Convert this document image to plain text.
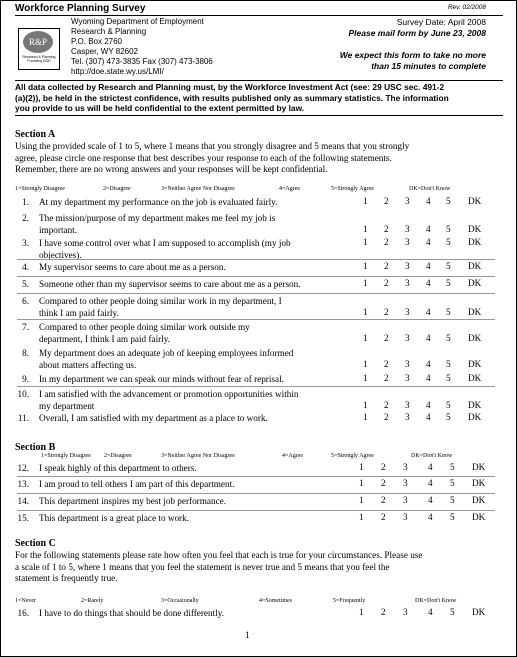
Workforce Planning Survey	Rev. 02/2008
R&P
Research & Planning Providing DOE
Wyoming Department of Employment
Research & Planning
P.O. Box 2760
Casper, WY 82602
Tel. (307) 473-3835 Fax (307) 473-3806
http://doe.state.wy.us/LMI/
Survey Date: April 2008
Please mail form by June 23, 2008
We expect this form to take no more
than 15 minutes to complete
All data collected by Research and Planning must, by the Workforce Investment Act (see: 29 USC sec. 491-2
(a)(2)), be held in the strictest confidence, with results published only as summary statistics. The information
you provide to us will be held confidential to the extent permitted by law.
Section A
Using the provided scale of 1 to 5, where 1 means that you strongly disagree and 5 means that you strongly
agree, please circle one response that best describes your response to each of the following statements.
Remember, there are no wrong answers and your responses will be kept confidential.
1=Strongly Disagree	2=Disagree	3=Neither Agree Nor Disagree	4=Agree	5=Strongly Agree	DK=Don't Know
1. At my department my performance on the job is evaluated fairly.	1 2 3 4 5 DK
2. The mission/purpose of my department makes me feel my job is
important.	1 2 3 4 5 DK
3. I have some control over what I am supposed to accomplish (my job
objectives).
1 2 3 4 5 DK
4. My supervisor seems to care about me as a person.	1 2 3 4 5 DK
5. Someone other than my supervisor seems to care about me as a person.	1 2 3 4 5 DK
6. Compared to other people doing similar work in my department, I
think I am paid fairly.	1 2 3 4 5 DK
7. Compared to other people doing similar work outside my
department, I think I am paid fairly.	1 2 3 4 5 DK
8. My department does an adequate job of keeping employees informed
about matters affecting us.	1 2 3 4 5 DK
9. In my department we can speak our minds without fear of reprisal.	1 2 3 4 5 DK
10. I am satisfied with the advancement or promotion opportunities within
my department	1 2 3 4 5 DK
11. Overall, I am satisfied with my department as a place to work.	1 2 3 4 5 DK
Section B
1=Strongly Disagree 2=Disagree	3=Neither Agree Nor Disagree	4=Agree	5=Strongly Agree	DK=Don't Know
12. I speak highly of this department to others.	1 2 3 4 5 DK
13. I am proud to tell others I am part of this department.	1 2 3 4 5 DK
14. This department inspires my best job performance.	1 2 3 4 5 DK
15. This department is a great place to work.	1 2 3 4 5 DK
Section C
For the following statements please rate how often you feel that each is true for your circumstances. Please use
a scale of 1 to 5, where 1 means that you feel the statement is never true and 5 means that you feel the
statement is frequently true.
1=Never	2=Rarely	3=Occasionally	4=Sometimes	5=Frequently	DK=Don't Know
16. I have to do things that should be done differently.	1 2 3 4 5 DK
1
